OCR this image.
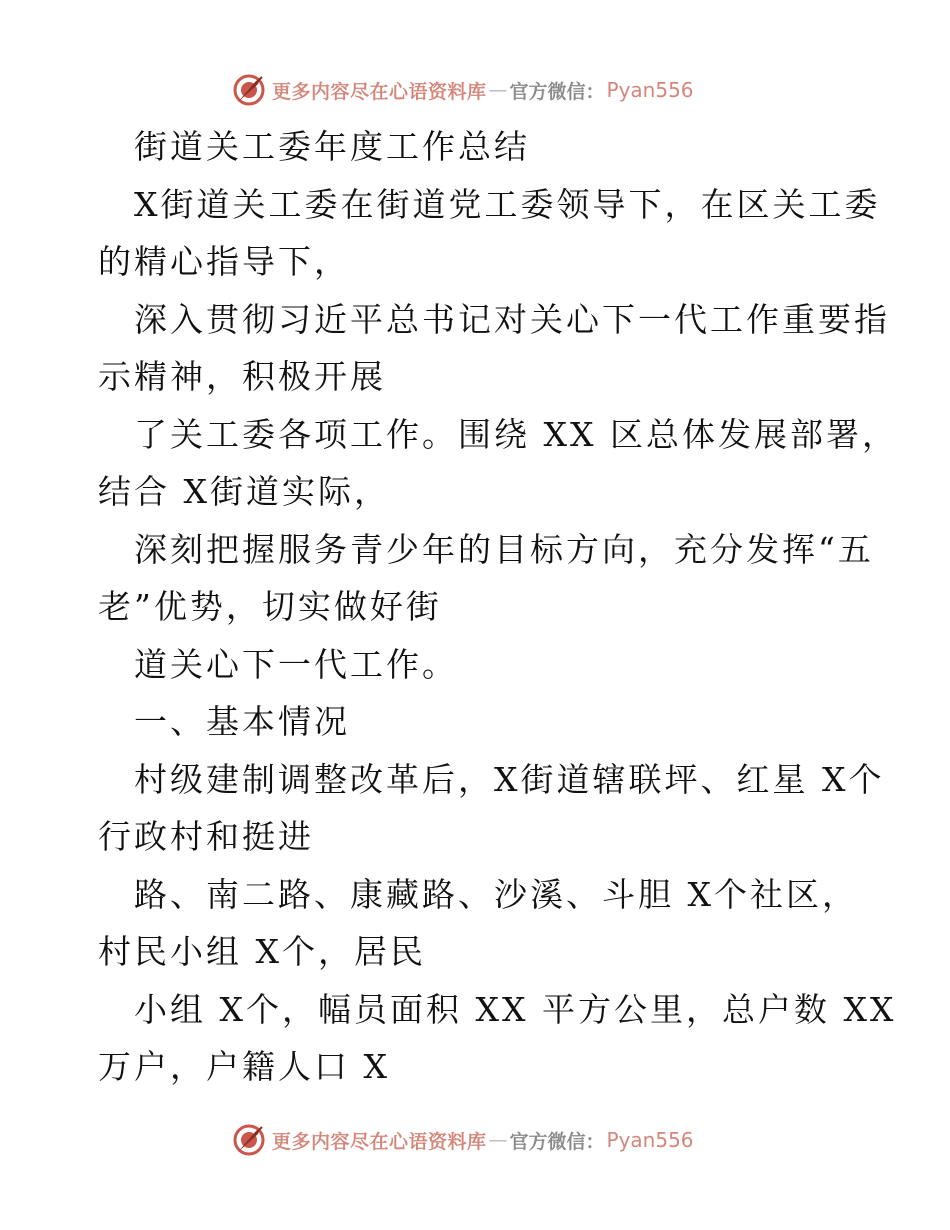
更多内容尽在心语资料库 — 官方微信： Pyan556
街道关工委年度工作总结
X街道关工委在街道党工委领导下，在区关工委
的精心指导下，
深入贯彻习近平总书记对关心下一代工作重要指
示精神，积极开展
了关工委各项工作。围绕 XX 区总体发展部署，
结合 X街道实际，
深刻把握服务青少年的目标方向，充分发挥“五
老”优势，切实做好街
道关心下一代工作。
一、基本情况
村级建制调整改革后，X街道辖联坪、红星 X个
行政村和挺进
路、南二路、康藏路、沙溪、斗胆 X个社区，
村民小组 X个，居民
小组 X个，幅员面积 XX 平方公里，总户数 XX
万户，户籍人口 X
更多内容尽在心语资料库 — 官方微信： Pyan556
